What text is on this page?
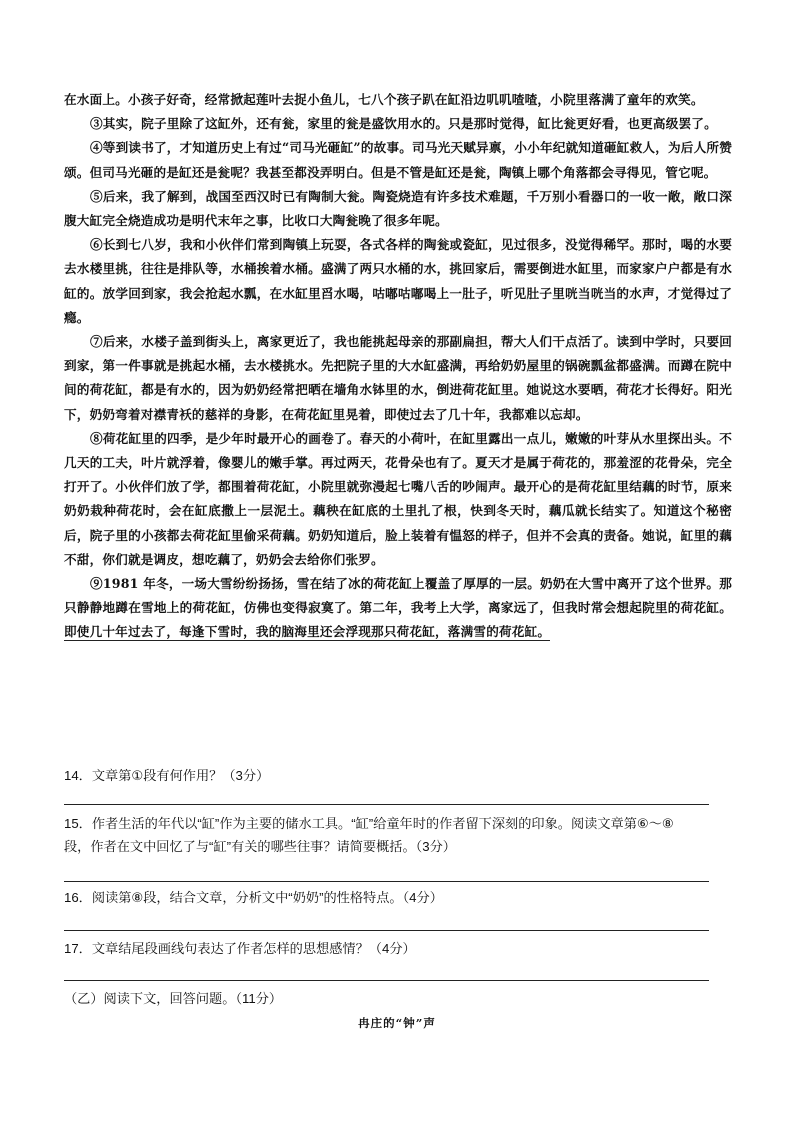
在水面上。小孩子好奇，经常掀起莲叶去捉小鱼儿，七八个孩子趴在缸沿边叽叽喳喳，小院里落满了童年的欢笑。

③其实，院子里除了这缸外，还有瓮，家里的瓮是盛饮用水的。只是那时觉得，缸比瓮更好看，也更高级罢了。

④等到读书了，才知道历史上有过“司马光砸缸”的故事。司马光天赋异禀，小小年纪就知道砸缸救人，为后人所赞颂。但司马光砸的是缸还是瓮呢？我甚至都没弄明白。但是不管是缸还是瓮，陶镇上哪个角落都会寻得见，管它呢。

⑤后来，我了解到，战国至西汉时已有陶制大瓮。陶瓷烧造有许多技术难题，千万别小看器口的一收一敞，敞口深腹大缸完全烧造成功是明代末年之事，比收口大陶瓮晚了很多年呢。

⑥长到七八岁，我和小伙伴们常到陶镇上玩耍，各式各样的陶瓮或瓷缸，见过很多，没觉得稀罕。那时，喝的水要去水楼里挑，往往是排队等，水桶挨着水桶。盛满了两只水桶的水，挑回家后，需要倒进水缸里，而家家户户都是有水缸的。放学回到家，我会抢起水瓢，在水缸里舀水喝，咕嘟咕嘟喝上一肚子，听见肚子里咣当咣当的水声，才觉得过了瘾。

⑦后来，水楼子盖到街头上，离家更近了，我也能挑起母亲的那副扁担，帮大人们干点活了。读到中学时，只要回到家，第一件事就是挑起水桶，去水楼挑水。先把院子里的大水缸盛满，再给奶奶屋里的锅碗瓢盆都盛满。而蹲在院中间的荷花缸，都是有水的，因为奶奶经常把晒在墙角水钵里的水，倒进荷花缸里。她说这水要晒，荷花才长得好。阳光下，奶奶弯着对襟青袄的慈祥的身影，在荷花缸里晃着，即使过去了几十年，我都难以忘却。

⑧荷花缸里的四季，是少年时最开心的画卷了。春天的小荷叶，在缸里露出一点儿，嫩嫩的叶芽从水里探出头。不几天的工夫，叶片就浮着，像婴儿的嫩手掌。再过两天，花骨朵也有了。夏天才是属于荷花的，那羞涩的花骨朵，完全打开了。小伙伴们放了学，都围着荷花缸，小院里就弥漫起七嘴八舌的吵闹声。最开心的是荷花缸里结藕的时节，原来奶奶栽种荷花时，会在缸底撒上一层泥土。藕秧在缸底的土里扎了根，快到冬天时，藕瓜就长结实了。知道这个秘密后，院子里的小孩都去荷花缸里偷采荷藕。奶奶知道后，脸上装着有愠怒的样子，但并不会真的责备。她说，缸里的藕不甜，你们就是调皮，想吃藕了，奶奶会去给你们张罗。

⑨1981 年冬，一场大雪纷纷扬扬，雪在结了冰的荷花缸上覆盖了厚厚的一层。奶奶在大雪中离开了这个世界。那只静静地蹲在雪地上的荷花缸，仿佛也变得寂寞了。第二年，我考上大学，离家远了，但我时常会想起院里的荷花缸。即使几十年过去了，每逢下雪时，我的脑海里还会浮现那只荷花缸，落满雪的荷花缸。

14．文章第①段有何作用？（3分）
15．作者生活的年代以“缸”作为主要的储水工具。“缸”给童年时的作者留下深刻的印象。阅读文章第⑥～⑧
段，作者在文中回忆了与“缸”有关的哪些往事？请简要概括。（3分）
16．阅读第⑧段，结合文章，分析文中“奶奶”的性格特点。（4分）
17．文章结尾段画线句表达了作者怎样的思想感情？（4分）
（乙）阅读下文，回答问题。（11分）
冉庄的“钟”声
